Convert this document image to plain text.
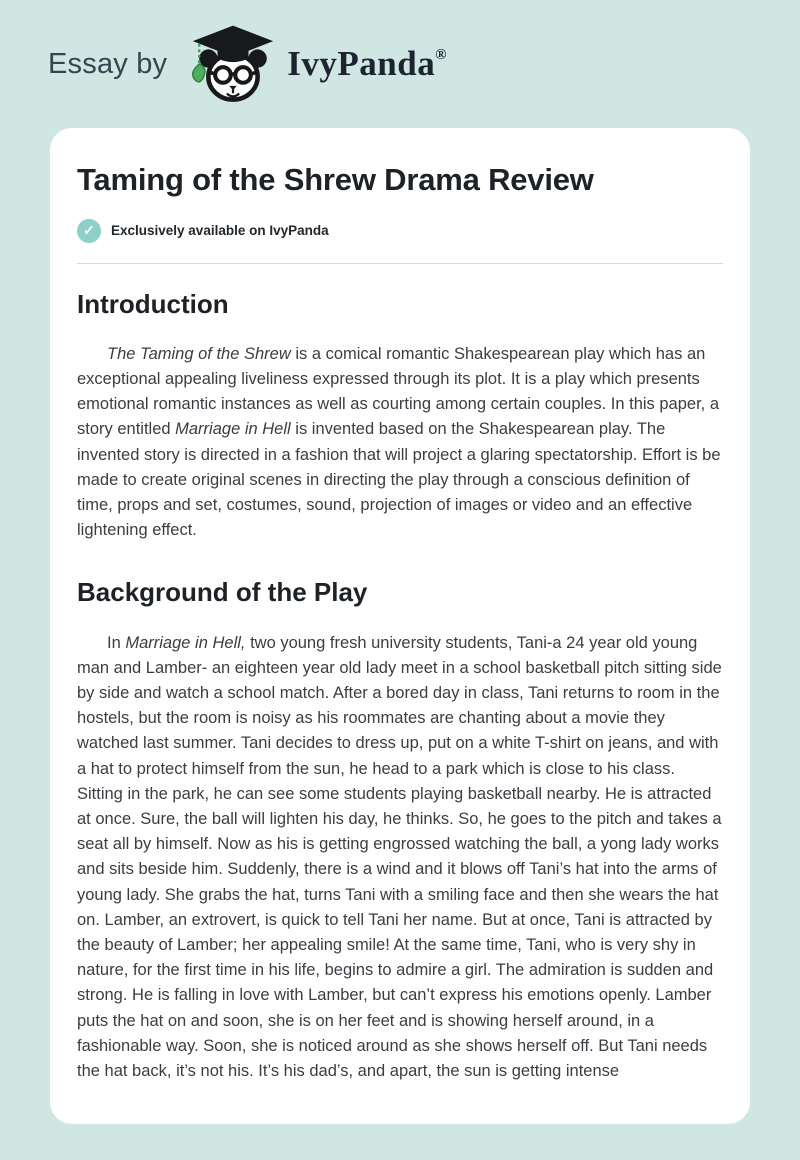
Essay by	IvyPanda®
Taming of the Shrew Drama Review
✓	Exclusively available on IvyPanda
Introduction

The Taming of the Shrew is a comical romantic Shakespearean play which has an exceptional appealing liveliness expressed through its plot. It is a play which presents emotional romantic instances as well as courting among certain couples. In this paper, a story entitled Marriage in Hell is invented based on the Shakespearean play. The invented story is directed in a fashion that will project a glaring spectatorship. Effort is be made to create original scenes in directing the play through a conscious definition of time, props and set, costumes, sound, projection of images or video and an effective lightening effect.

Background of the Play

In Marriage in Hell, two young fresh university students, Tani-a 24 year old young man and Lamber- an eighteen year old lady meet in a school basketball pitch sitting side by side and watch a school match. After a bored day in class, Tani returns to room in the hostels, but the room is noisy as his roommates are chanting about a movie they watched last summer. Tani decides to dress up, put on a white T-shirt on jeans, and with a hat to protect himself from the sun, he head to a park which is close to his class. Sitting in the park, he can see some students playing basketball nearby. He is attracted at once. Sure, the ball will lighten his day, he thinks. So, he goes to the pitch and takes a seat all by himself. Now as his is getting engrossed watching the ball, a yong lady works and sits beside him. Suddenly, there is a wind and it blows off Tani’s hat into the arms of young lady. She grabs the hat, turns Tani with a smiling face and then she wears the hat on. Lamber, an extrovert, is quick to tell Tani her name. But at once, Tani is attracted by the beauty of Lamber; her appealing smile! At the same time, Tani, who is very shy in nature, for the first time in his life, begins to admire a girl. The admiration is sudden and strong. He is falling in love with Lamber, but can’t express his emotions openly. Lamber puts the hat on and soon, she is on her feet and is showing herself around, in a fashionable way. Soon, she is noticed around as she shows herself off. But Tani needs the hat back, it’s not his. It’s his dad’s, and apart, the sun is getting intense
